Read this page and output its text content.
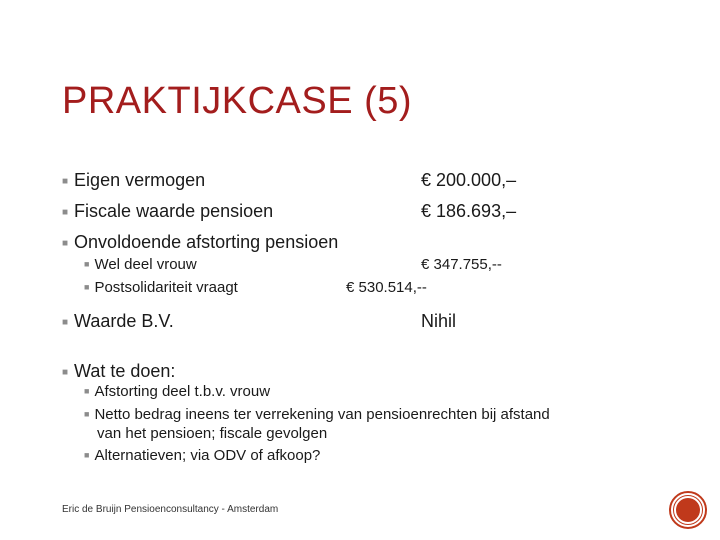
PRAKTIJKCASE (5)
■ Eigen vermogen	€ 200.000,–
■ Fiscale waarde pensioen	€ 186.693,–
■ Onvoldoende afstorting pensioen
■ Wel deel vrouw	€ 347.755,--
■ Postsolidariteit vraagt	€ 530.514,--
■ Waarde B.V.	Nihil
■ Wat te doen:
■ Afstorting deel t.b.v. vrouw
■ Netto bedrag ineens ter verrekening van pensioenrechten bij afstand
van het pensioen; fiscale gevolgen
■ Alternatieven; via ODV of afkoop?
Eric de Bruijn Pensioenconsultancy - Amsterdam
